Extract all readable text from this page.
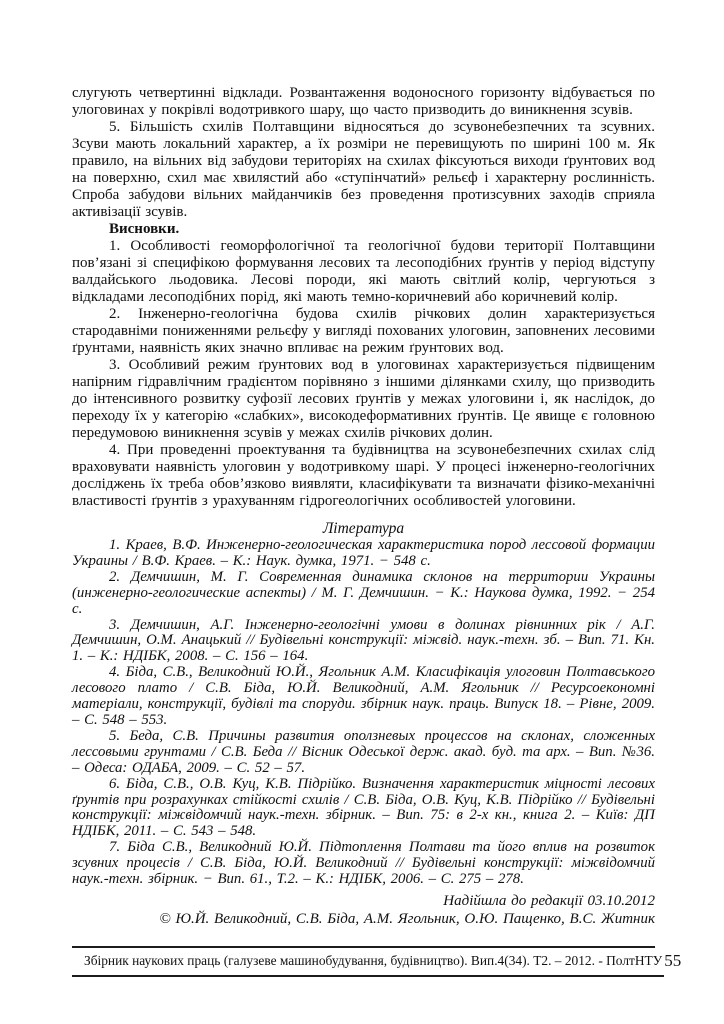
слугують четвертинні відклади. Розвантаження водоносного горизонту відбувається по улоговинах у покрівлі водотривкого шару, що часто призводить до виникнення зсувів.

5. Більшість схилів Полтавщини відносяться до зсувонебезпечних та зсувних. Зсуви мають локальний характер, а їх розміри не перевищують по ширині 100 м. Як правило, на вільних від забудови територіях на схилах фіксуються виходи ґрунтових вод на поверхню, схил має хвилястий або «ступінчатий» рельєф і характерну рослинність. Спроба забудови вільних майданчиків без проведення протизсувних заходів сприяла активізації зсувів.

Висновки.

1. Особливості геоморфологічної та геологічної будови території Полтавщини пов’язані зі специфікою формування лесових та лесоподібних ґрунтів у період відступу валдайського льодовика. Лесові породи, які мають світлий колір, чергуються з відкладами лесоподібних порід, які мають темно-коричневий або коричневий колір.

2. Інженерно-геологічна будова схилів річкових долин характеризується стародавніми пониженнями рельєфу у вигляді похованих улоговин, заповнених лесовими ґрунтами, наявність яких значно впливає на режим ґрунтових вод.

3. Особливий режим ґрунтових вод в улоговинах характеризується підвищеним напірним гідравлічним градієнтом порівняно з іншими ділянками схилу, що призводить до інтенсивного розвитку суфозії лесових ґрунтів у межах улоговини і, як наслідок, до переходу їх у категорію «слабких», високодеформативних ґрунтів. Це явище є головною передумовою виникнення зсувів у межах схилів річкових долин.

4. При проведенні проектування та будівництва на зсувонебезпечних схилах слід враховувати наявність улоговин у водотривкому шарі. У процесі інженерно-геологічних досліджень їх треба обов’язково виявляти, класифікувати та визначати фізико-механічні властивості ґрунтів з урахуванням гідрогеологічних особливостей улоговини.

Література

1. Краев, В.Ф. Инженерно-геологическая характеристика пород лессовой формации Украины / В.Ф. Краев. – К.: Наук. думка, 1971. − 548 с.

2. Демчишин, М. Г. Современная динамика склонов на территории Украины (инженерно-геологические аспекты) / М. Г. Демчишин. − К.: Наукова думка, 1992. − 254 с.

3. Демчишин, А.Г. Інженерно-геологічні умови в долинах рівнинних рік / А.Г. Демчишин, О.М. Анацький // Будівельні конструкції: міжвід. наук.-техн. зб. – Вип. 71. Кн. 1. – К.: НДІБК, 2008. – С. 156 – 164.

4. Біда, С.В., Великодний Ю.Й., Ягольник А.М. Класифікація улоговин Полтавського лесового плато / С.В. Біда, Ю.Й. Великодний, А.М. Ягольник // Ресурсоекономні матеріали, конструкції, будівлі та споруди. збірник наук. праць. Випуск 18. – Рівне, 2009. – С. 548 – 553.

5. Беда, С.В. Причины развития оползневых процессов на склонах, сложенных лессовыми грунтами / С.В. Беда // Вісник Одеської держ. акад. буд. та арх. – Вип. №36. – Одеса: ОДАБА, 2009. – С. 52 – 57.

6. Біда, С.В., О.В. Куц, К.В. Підрійко. Визначення характеристик міцності лесових ґрунтів при розрахунках стійкості схилів / С.В. Біда, О.В. Куц, К.В. Підрійко // Будівельні конструкції: міжвідомчий наук.-техн. збірник. – Вип. 75: в 2-х кн., книга 2. – Київ: ДП НДІБК, 2011. – С. 543 – 548.

7. Біда С.В., Великодний Ю.Й. Підтоплення Полтави та його вплив на розвиток зсувних процесів / С.В. Біда, Ю.Й. Великодний // Будівельні конструкції: міжвідомчий наук.-техн. збірник. − Вип. 61., Т.2. – К.: НДІБК, 2006. – С. 275 – 278.

Надійшла до редакції 03.10.2012

© Ю.Й. Великодний, С.В. Біда, А.М. Ягольник, О.Ю. Пащенко, В.С. Житник

Збірник наукових праць (галузеве машинобудування, будівництво). Вип.4(34). Т2. – 2012. - ПолтНТУ 55
